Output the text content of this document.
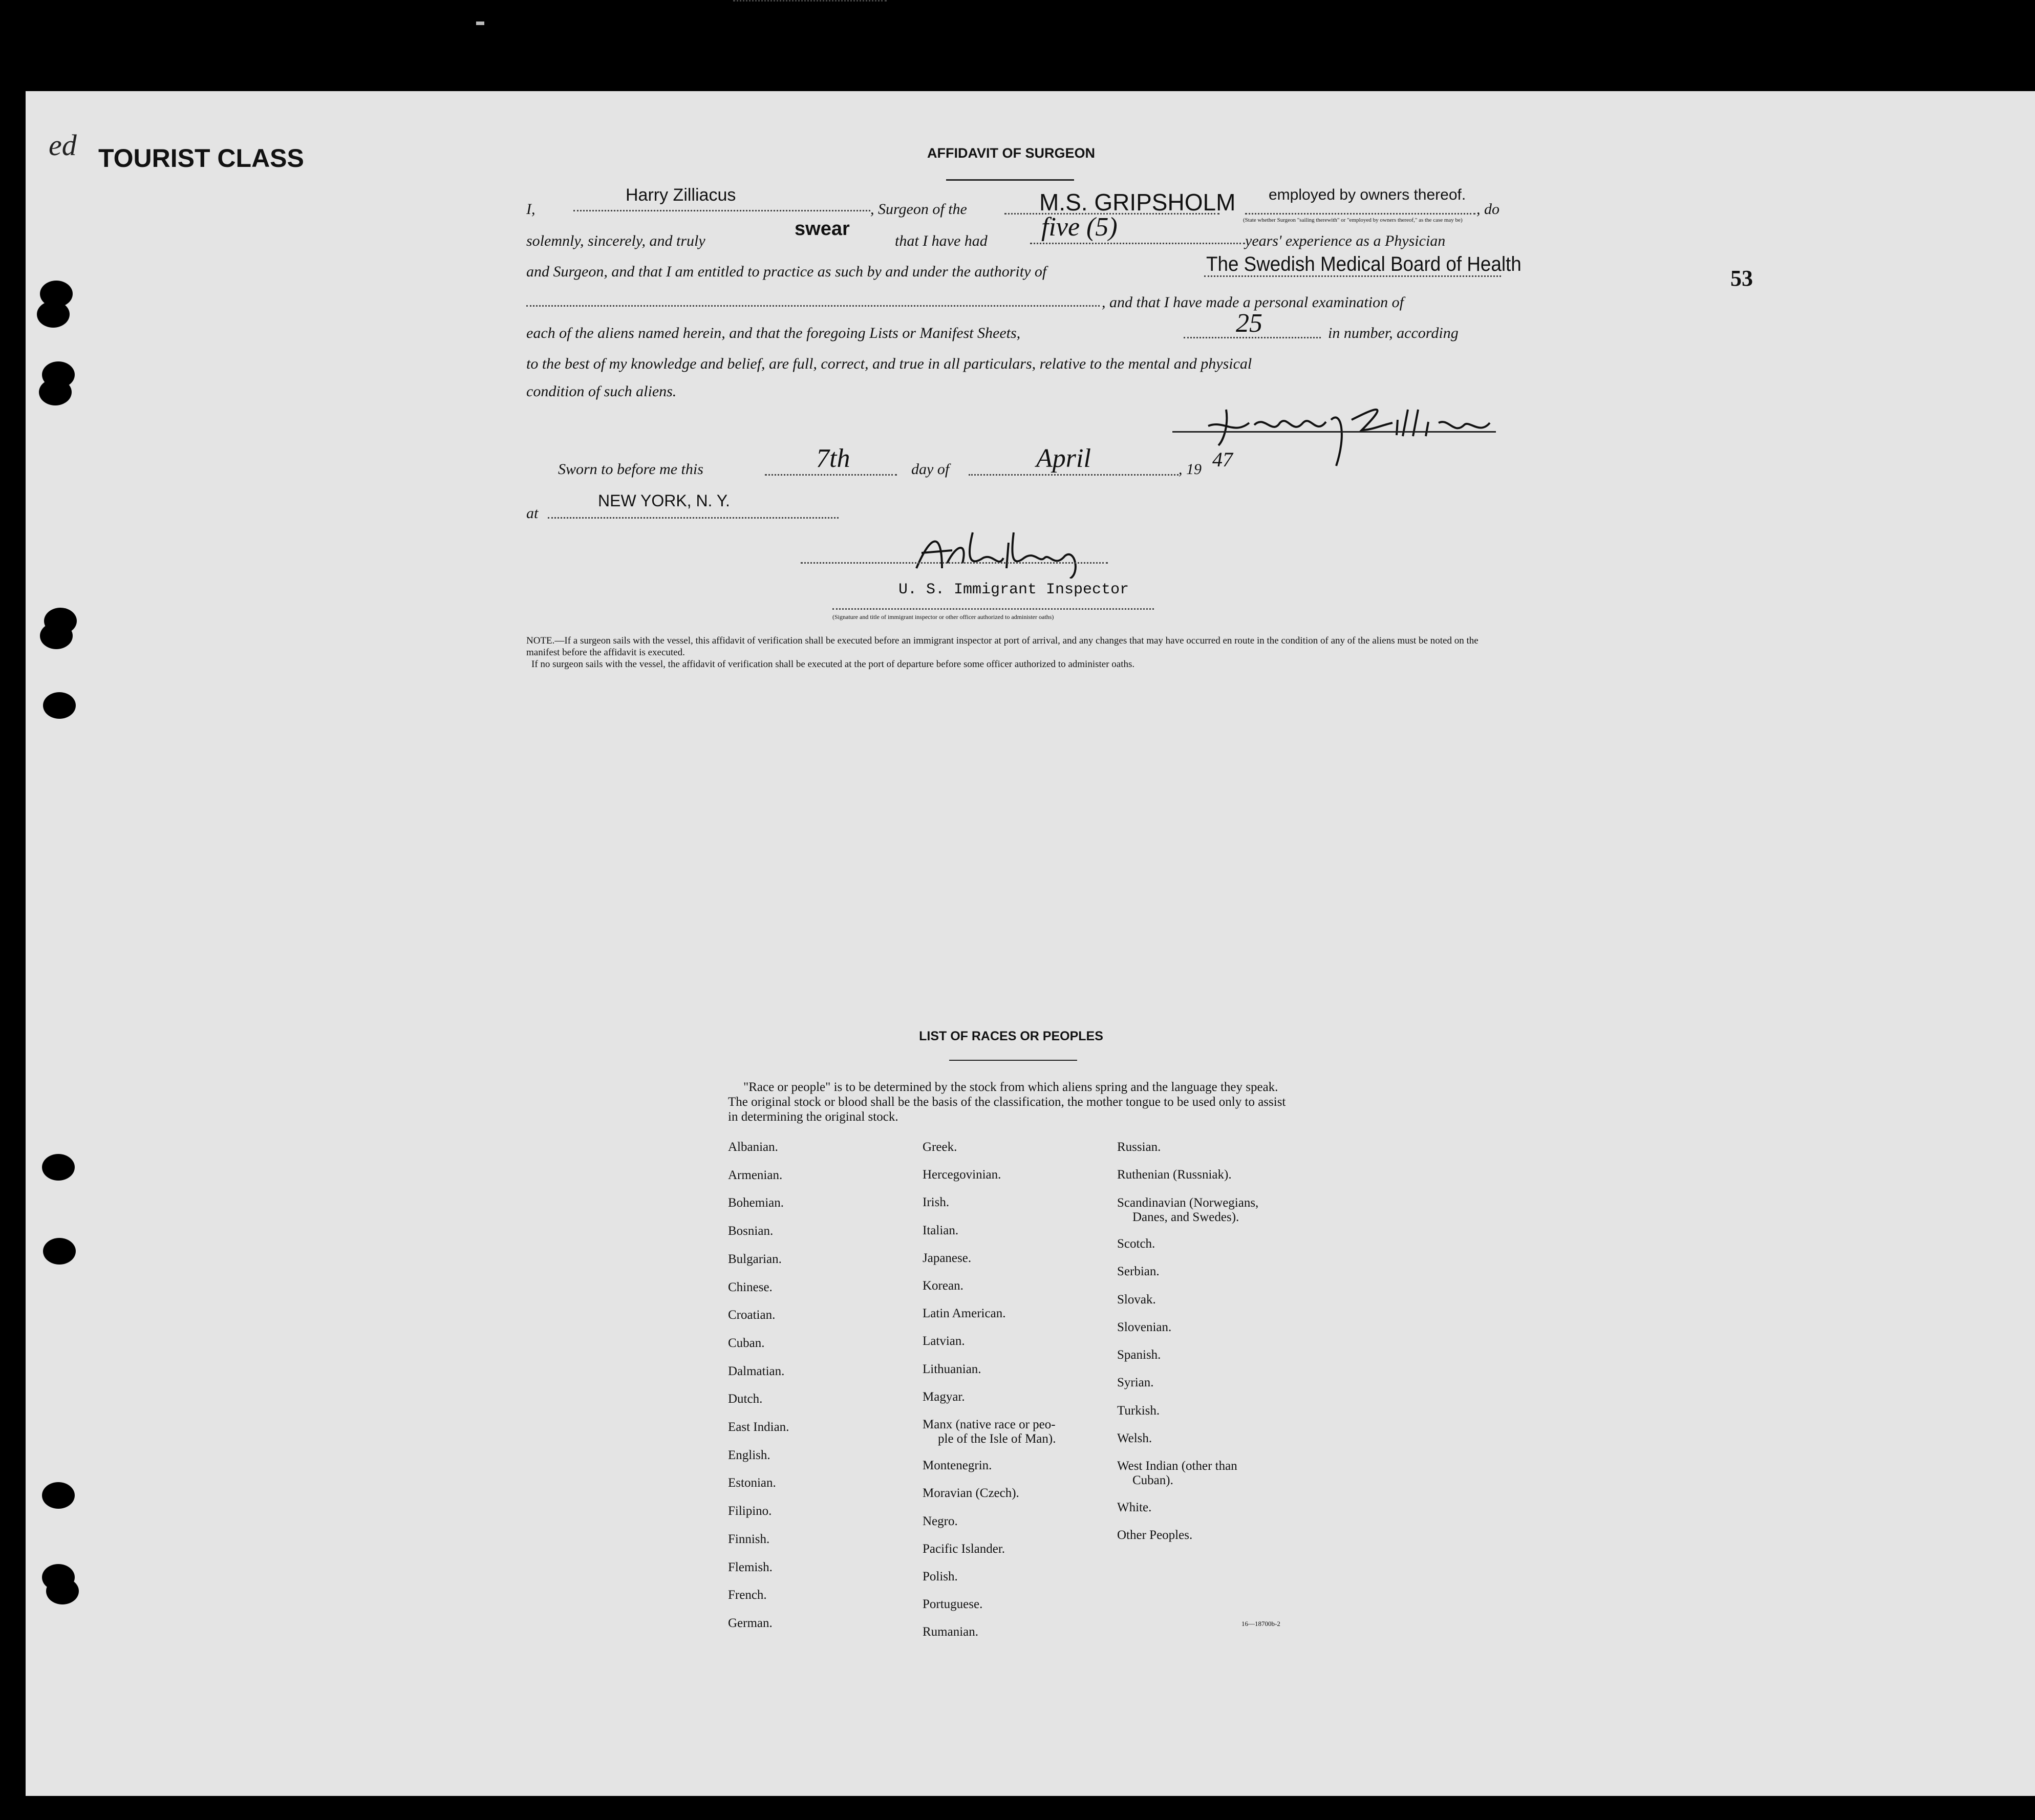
ed TOURIST CLASS
53
AFFIDAVIT OF SURGEON
I,
Harry Zilliacus
, Surgeon of the	M.S. GRIPSHOLM employed by owners thereof.
, do
(State whether Surgeon "sailing therewith" or "employed by owners thereof," as the case may be)
solemnly, sincerely, and truly
swear
that I have had five (5)	years' experience as a Physician
and Surgeon, and that I am entitled to practice as such by and under the authority of	The Swedish Medical Board of Health
, and that I have made a personal examination of
each of the aliens named herein, and that the foregoing Lists or Manifest Sheets,	25	in number, according
to the best of my knowledge and belief, are full, correct, and true in all particulars, relative to the mental and physical
condition of such aliens.
Sworn to before me this	7th	day of	April	, 19 47
at
NEW YORK, N. Y.
U. S. Immigrant Inspector
(Signature and title of immigrant inspector or other officer authorized to administer oaths)
NOTE.—If a surgeon sails with the vessel, this affidavit of verification shall be executed before an immigrant inspector at port of arrival, and any changes that may have occurred en route in the condition of any of the aliens must be noted on the manifest before the affidavit is executed.
If no surgeon sails with the vessel, the affidavit of verification shall be executed at the port of departure before some officer authorized to administer oaths.
LIST OF RACES OR PEOPLES
"Race or people" is to be determined by the stock from which aliens spring and the language they speak. The original stock or blood shall be the basis of the classification, the mother tongue to be used only to assist in determining the original stock.
Albanian.
Armenian.
Bohemian.
Bosnian.
Bulgarian.
Chinese.
Croatian.
Cuban.
Dalmatian.
Dutch.
East Indian.
English.
Estonian.
Filipino.
Finnish.
Flemish.
French.
German.
Greek.
Hercegovinian.
Irish.
Italian.
Japanese.
Korean.
Latin American.
Latvian.
Lithuanian.
Magyar.
Manx (native race or peo-
ple of the Isle of Man).
Montenegrin.
Moravian (Czech).
Negro.
Pacific Islander.
Polish.
Portuguese.
Rumanian.
Russian.
Ruthenian (Russniak).
Scandinavian (Norwegians,
Danes, and Swedes).
Scotch.
Serbian.
Slovak.
Slovenian.
Spanish.
Syrian.
Turkish.
Welsh.
West Indian (other than
Cuban).
White.
Other Peoples.
16—18700b-2
